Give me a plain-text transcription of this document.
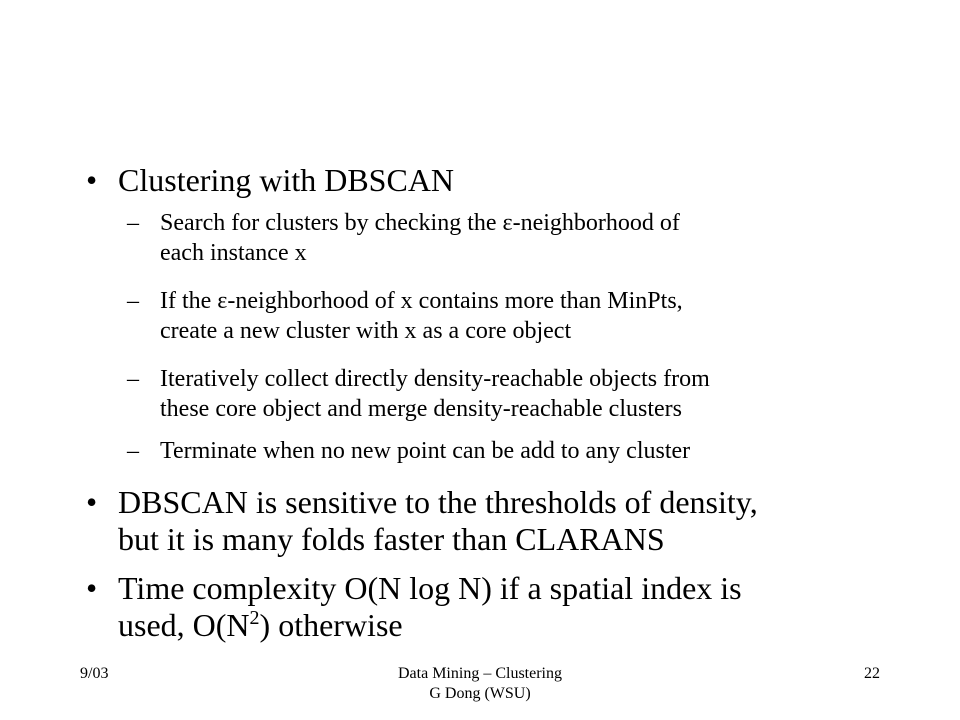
• Clustering with DBSCAN
– Search for clusters by checking the ε-neighborhood of
each instance x
– If the ε-neighborhood of x contains more than MinPts,
create a new cluster with x as a core object
– Iteratively collect directly density-reachable objects from
these core object and merge density-reachable clusters
– Terminate when no new point can be add to any cluster
• DBSCAN is sensitive to the thresholds of density,
but it is many folds faster than CLARANS
• Time complexity O(N log N) if a spatial index is
used, $O(N^2)$ otherwise
9/03	Data Mining – Clustering
G Dong (WSU)
22
